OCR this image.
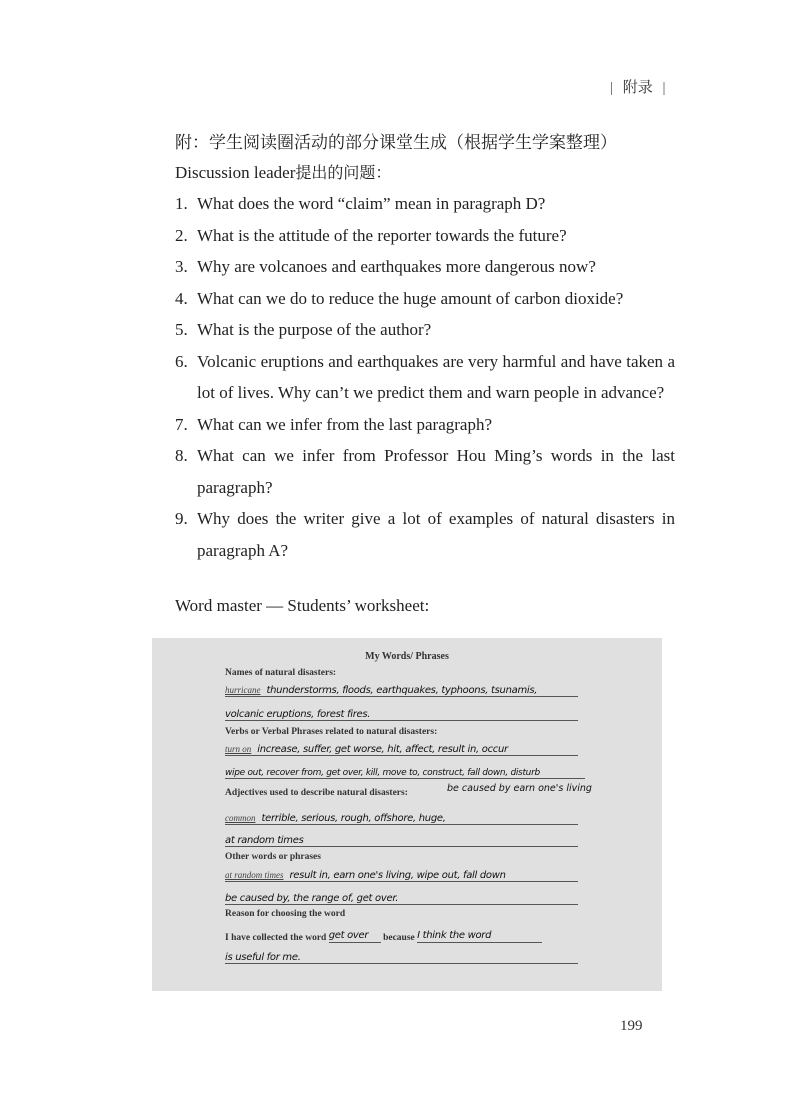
| 附录 |
附：学生阅读圈活动的部分课堂生成（根据学生学案整理）
Discussion leader提出的问题：
1. What does the word “claim” mean in paragraph D?
2. What is the attitude of the reporter towards the future?
3. Why are volcanoes and earthquakes more dangerous now?
4. What can we do to reduce the huge amount of carbon dioxide?
5. What is the purpose of the author?
6. Volcanic eruptions and earthquakes are very harmful and have taken a lot of lives. Why can’t we predict them and warn people in advance?
7. What can we infer from the last paragraph?
8. What can we infer from Professor Hou Ming’s words in the last paragraph?
9. Why does the writer give a lot of examples of natural disasters in paragraph A?
Word master — Students’ worksheet:
My Words/ Phrases
Names of natural disasters:
hurricane thunderstorms, floods, earthquakes, typhoons, tsunamis,
volcanic eruptions, forest fires.
Verbs or Verbal Phrases related to natural disasters:
turn on increase, suffer, get worse, hit, affect, result in, occur
wipe out, recover from, get over, kill, move to, construct, fall down, disturb
be caused by earn one's living
Adjectives used to describe natural disasters:
common terrible, serious, rough, offshore, huge,
at random times
Other words or phrases
at random times result in, earn one's living, wipe out, fall down
be caused by, the range of, get over.
Reason for choosing the word
I have collected the word get over because I think the word
is useful for me.
199
